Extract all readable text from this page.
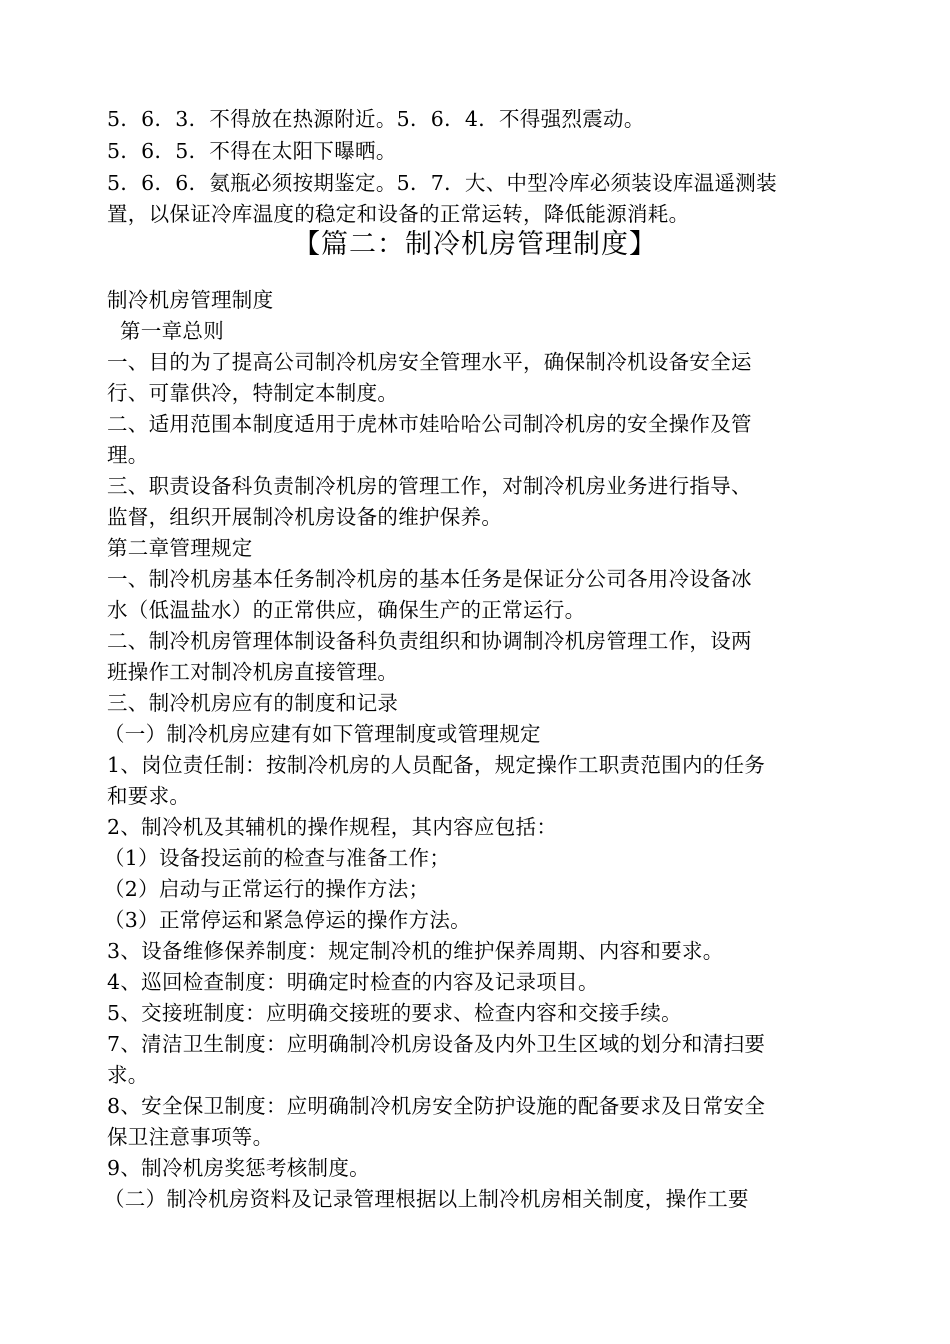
5．6．3．不得放在热源附近。5．6．4．不得强烈震动。
5．6．5．不得在太阳下曝晒。
5．6．6．氨瓶必须按期鉴定。5．7．大、中型冷库必须装设库温遥测装
置，以保证冷库温度的稳定和设备的正常运转，降低能源消耗。
【篇二：制冷机房管理制度】
制冷机房管理制度
第一章总则
一、目的为了提高公司制冷机房安全管理水平，确保制冷机设备安全运
行、可靠供冷，特制定本制度。
二、适用范围本制度适用于虎林市娃哈哈公司制冷机房的安全操作及管
理。
三、职责设备科负责制冷机房的管理工作，对制冷机房业务进行指导、
监督，组织开展制冷机房设备的维护保养。
第二章管理规定
一、制冷机房基本任务制冷机房的基本任务是保证分公司各用冷设备冰
水（低温盐水）的正常供应，确保生产的正常运行。
二、制冷机房管理体制设备科负责组织和协调制冷机房管理工作，设两
班操作工对制冷机房直接管理。
三、制冷机房应有的制度和记录
（一）制冷机房应建有如下管理制度或管理规定
1、岗位责任制：按制冷机房的人员配备，规定操作工职责范围内的任务
和要求。
2、制冷机及其辅机的操作规程，其内容应包括：
（1）设备投运前的检查与准备工作；
（2）启动与正常运行的操作方法；
（3）正常停运和紧急停运的操作方法。
3、设备维修保养制度：规定制冷机的维护保养周期、内容和要求。
4、巡回检查制度：明确定时检查的内容及记录项目。
5、交接班制度：应明确交接班的要求、检查内容和交接手续。
7、清洁卫生制度：应明确制冷机房设备及内外卫生区域的划分和清扫要
求。
8、安全保卫制度：应明确制冷机房安全防护设施的配备要求及日常安全
保卫注意事项等。
9、制冷机房奖惩考核制度。
（二）制冷机房资料及记录管理根据以上制冷机房相关制度，操作工要
